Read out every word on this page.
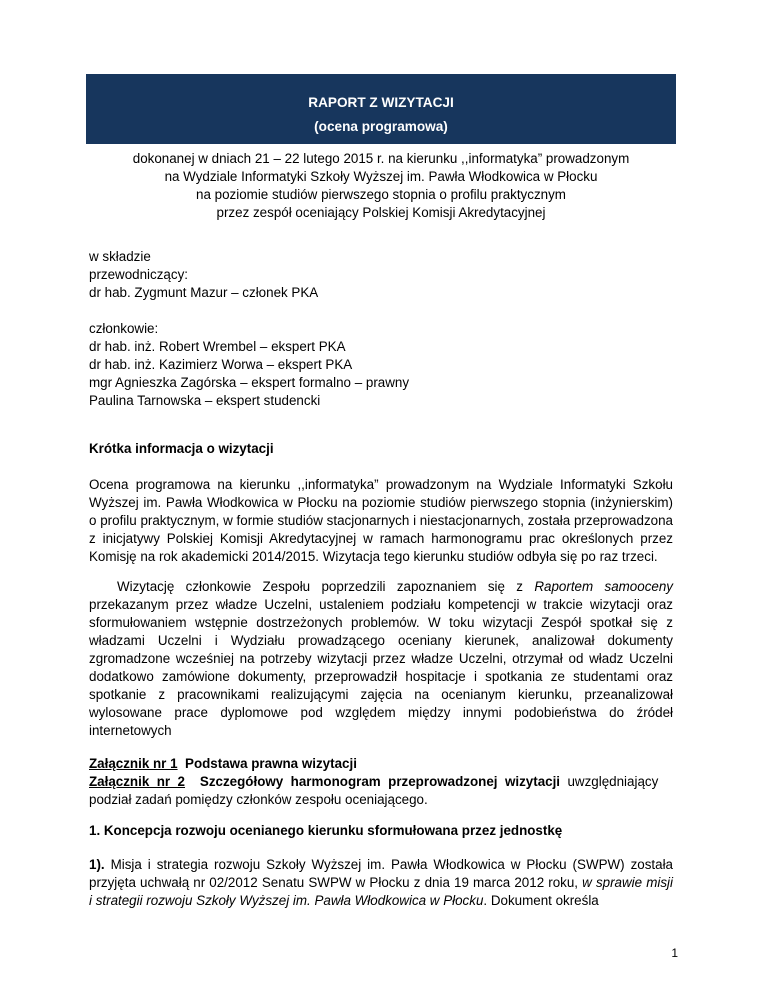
RAPORT Z WIZYTACJI
(ocena programowa)

dokonanej w dniach 21 – 22 lutego 2015 r. na kierunku ,,informatyka” prowadzonym

na Wydziale Informatyki Szkoły Wyższej im. Pawła Włodkowica w Płocku

na poziomie studiów pierwszego stopnia o profilu praktycznym

przez zespół oceniający Polskiej Komisji Akredytacyjnej

w składzie

przewodniczący:

dr hab. Zygmunt Mazur – członek PKA

członkowie:

dr hab. inż. Robert Wrembel – ekspert PKA

dr hab. inż. Kazimierz Worwa – ekspert PKA

mgr Agnieszka Zagórska – ekspert formalno – prawny

Paulina Tarnowska – ekspert studencki

Krótka informacja o wizytacji
Ocena programowa na kierunku ,,informatyka” prowadzonym na Wydziale Informatyki Szkołu Wyższej im. Pawła Włodkowica w Płocku na poziomie studiów pierwszego stopnia (inżynierskim) o profilu praktycznym, w formie studiów stacjonarnych i niestacjonarnych, została przeprowadzona z inicjatywy Polskiej Komisji Akredytacyjnej w ramach harmonogramu prac określonych przez Komisję na rok akademicki 2014/2015. Wizytacja tego kierunku studiów odbyła się po raz trzeci.
Wizytację członkowie Zespołu poprzedzili zapoznaniem się z Raportem samooceny przekazanym przez władze Uczelni, ustaleniem podziału kompetencji w trakcie wizytacji oraz sformułowaniem wstępnie dostrzeżonych problemów. W toku wizytacji Zespół spotkał się z władzami Uczelni i Wydziału prowadzącego oceniany kierunek, analizował dokumenty zgromadzone wcześniej na potrzeby wizytacji przez władze Uczelni, otrzymał od władz Uczelni dodatkowo zamówione dokumenty, przeprowadził hospitacje i spotkania ze studentami oraz spotkanie z pracownikami realizującymi zajęcia na ocenianym kierunku, przeanalizował wylosowane prace dyplomowe pod względem między innymi podobieństwa do źródeł internetowych

Załącznik nr 1  Podstawa prawna wizytacji

Załącznik  nr  2    Szczegółowy  harmonogram  przeprowadzonej  wizytacji  uwzględniający

podział zadań pomiędzy członków zespołu oceniającego.

1. Koncepcja rozwoju ocenianego kierunku sformułowana przez jednostkę
1). Misja i strategia rozwoju Szkoły Wyższej im. Pawła Włodkowica w Płocku (SWPW) została przyjęta uchwałą nr 02/2012 Senatu SWPW w Płocku z dnia 19 marca 2012 roku, w sprawie misji i strategii rozwoju Szkoły Wyższej im. Pawła Włodkowica w Płocku. Dokument określa
1
